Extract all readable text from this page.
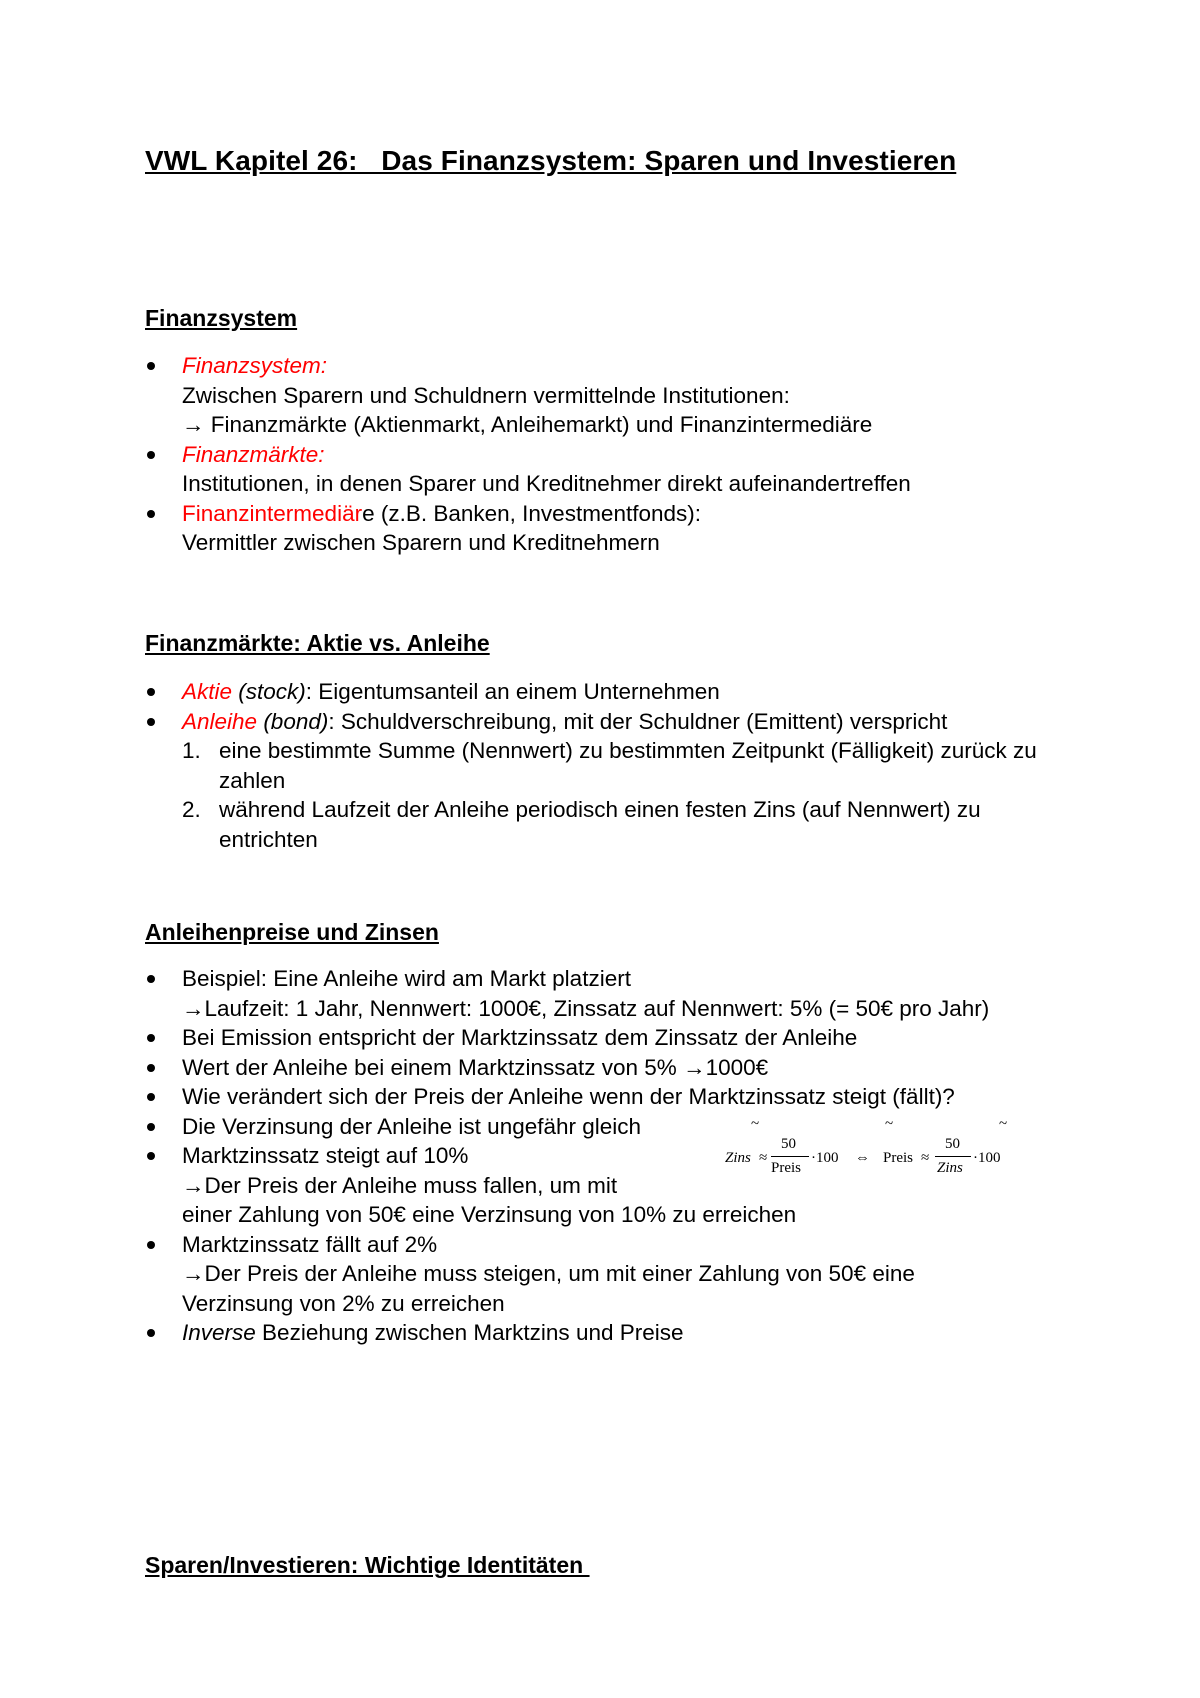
VWL Kapitel 26:   Das Finanzsystem: Sparen und Investieren
Finanzsystem
Finanzsystem:
Zwischen Sparern und Schuldnern vermittelnde Institutionen:
→ Finanzmärkte (Aktienmarkt, Anleihemarkt) und Finanzintermediäre
Finanzmärkte:
Institutionen, in denen Sparer und Kreditnehmer direkt aufeinandertreffen
Finanzintermediäre (z.B. Banken, Investmentfonds):
Vermittler zwischen Sparern und Kreditnehmern
Finanzmärkte: Aktie vs. Anleihe
Aktie (stock): Eigentumsanteil an einem Unternehmen
Anleihe (bond): Schuldverschreibung, mit der Schuldner (Emittent) verspricht
1. eine bestimmte Summe (Nennwert) zu bestimmten Zeitpunkt (Fälligkeit) zurück zu zahlen
2. während Laufzeit der Anleihe periodisch einen festen Zins (auf Nennwert) zu entrichten
Anleihenpreise und Zinsen
Beispiel: Eine Anleihe wird am Markt platziert
→Laufzeit: 1 Jahr, Nennwert: 1000€, Zinssatz auf Nennwert: 5% (= 50€ pro Jahr)
Bei Emission entspricht der Marktzinssatz dem Zinssatz der Anleihe
Wert der Anleihe bei einem Marktzinssatz von 5% →1000€
Wie verändert sich der Preis der Anleihe wenn der Marktzinssatz steigt (fällt)?
Die Verzinsung der Anleihe ist ungefähr gleich
Marktzinssatz steigt auf 10%
→Der Preis der Anleihe muss fallen, um mit
einer Zahlung von 50€ eine Verzinsung von 10% zu erreichen
Marktzinssatz fällt auf 2%
→Der Preis der Anleihe muss steigen, um mit einer Zahlung von 50€ eine
Verzinsung von 2% zu erreichen
Inverse Beziehung zwischen Marktzins und Preise
~
Zins ≈
50
Preis
·100 ⇔
~
Preis ≈
50
Zins
·100
~
Sparen/Investieren: Wichtige Identitäten
